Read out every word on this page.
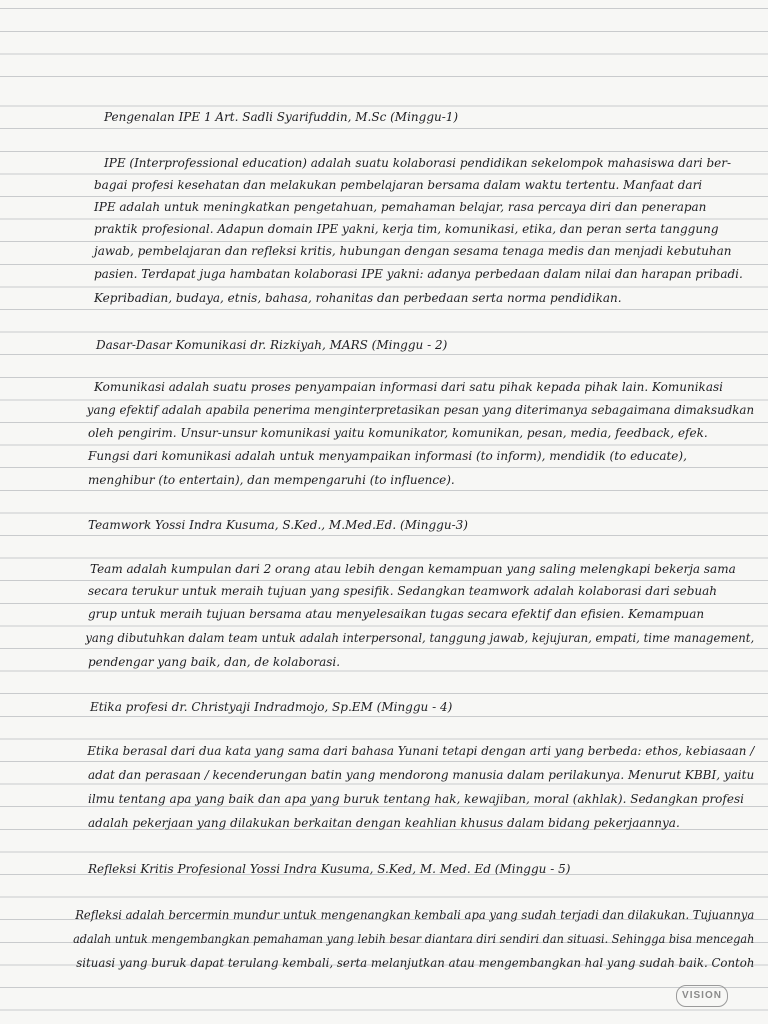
Pengenalan IPE 1 Art. Sadli Syarifuddin, M.Sc (Minggu-1)
IPE (Interprofessional education) adalah suatu kolaborasi pendidikan sekelompok mahasiswa dari ber-
bagai profesi kesehatan dan melakukan pembelajaran bersama dalam waktu tertentu. Manfaat dari
IPE adalah untuk meningkatkan pengetahuan, pemahaman belajar, rasa percaya diri dan penerapan
praktik profesional. Adapun domain IPE yakni, kerja tim, komunikasi, etika, dan peran serta tanggung
jawab, pembelajaran dan refleksi kritis, hubungan dengan sesama tenaga medis dan menjadi kebutuhan
pasien. Terdapat juga hambatan kolaborasi IPE yakni: adanya perbedaan dalam nilai dan harapan pribadi.
Kepribadian, budaya, etnis, bahasa, rohanitas dan perbedaan serta norma pendidikan.
Dasar-Dasar Komunikasi dr. Rizkiyah, MARS (Minggu - 2)
Komunikasi adalah suatu proses penyampaian informasi dari satu pihak kepada pihak lain. Komunikasi
yang efektif adalah apabila penerima menginterpretasikan pesan yang diterimanya sebagaimana dimaksudkan
oleh pengirim. Unsur-unsur komunikasi yaitu komunikator, komunikan, pesan, media, feedback, efek.
Fungsi dari komunikasi adalah untuk menyampaikan informasi (to inform), mendidik (to educate),
menghibur (to entertain), dan mempengaruhi (to influence).
Teamwork Yossi Indra Kusuma, S.Ked., M.Med.Ed. (Minggu-3)
Team adalah kumpulan dari 2 orang atau lebih dengan kemampuan yang saling melengkapi bekerja sama
secara terukur untuk meraih tujuan yang spesifik. Sedangkan teamwork adalah kolaborasi dari sebuah
grup untuk meraih tujuan bersama atau menyelesaikan tugas secara efektif dan efisien. Kemampuan
yang dibutuhkan dalam team untuk adalah interpersonal, tanggung jawab, kejujuran, empati, time management,
pendengar yang baik, dan, de kolaborasi.
Etika profesi dr. Christyaji Indradmojo, Sp.EM (Minggu - 4)
Etika berasal dari dua kata yang sama dari bahasa Yunani tetapi dengan arti yang berbeda: ethos, kebiasaan /
adat dan perasaan / kecenderungan batin yang mendorong manusia dalam perilakunya. Menurut KBBI, yaitu
ilmu tentang apa yang baik dan apa yang buruk tentang hak, kewajiban, moral (akhlak). Sedangkan profesi
adalah pekerjaan yang dilakukan berkaitan dengan keahlian khusus dalam bidang pekerjaannya.
Refleksi Kritis Profesional Yossi Indra Kusuma, S.Ked, M. Med. Ed (Minggu - 5)
Refleksi adalah bercermin mundur untuk mengenangkan kembali apa yang sudah terjadi dan dilakukan. Tujuannya
adalah untuk mengembangkan pemahaman yang lebih besar diantara diri sendiri dan situasi. Sehingga bisa mencegah
situasi yang buruk dapat terulang kembali, serta melanjutkan atau mengembangkan hal yang sudah baik. Contoh
VISION
